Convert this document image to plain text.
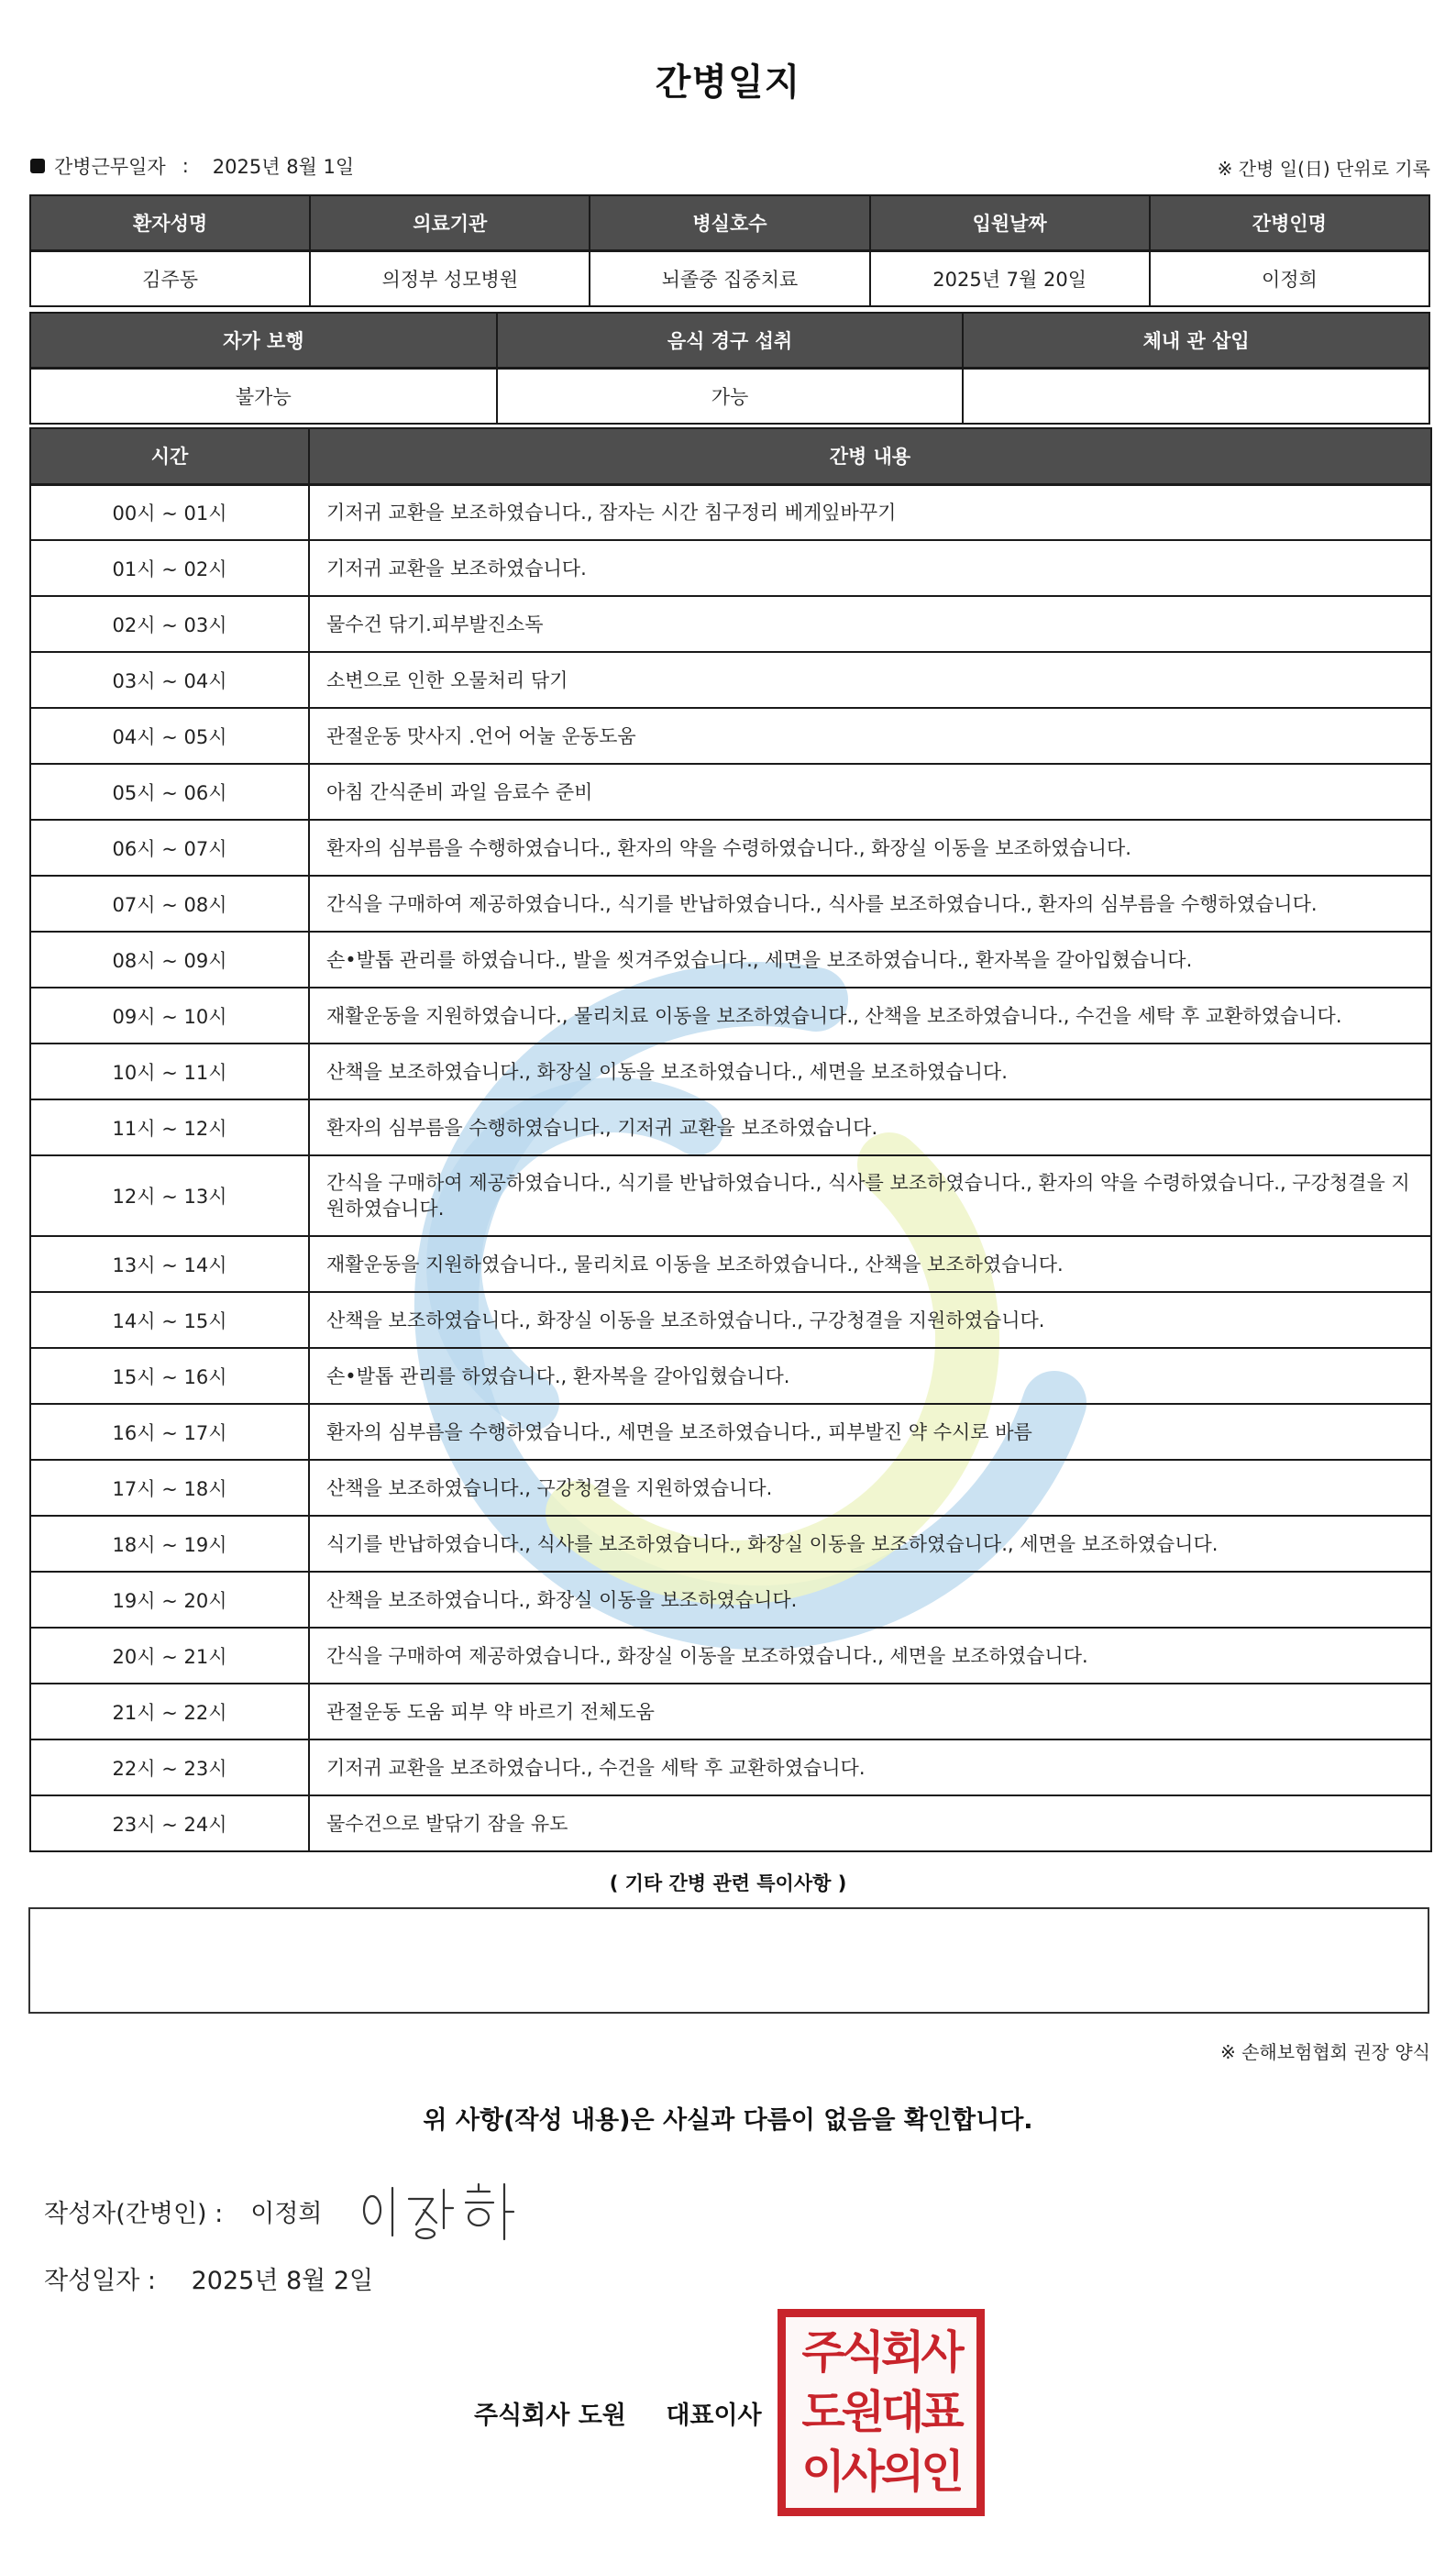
간병일지
간병근무일자 : 2025년 8월 1일	※ 간병 일(日) 단위로 기록
환자성명	의료기관	병실호수	입원날짜	간병인명
김주동	의정부 성모병원	뇌졸중 집중치료	2025년 7월 20일	이정희
자가 보행	음식 경구 섭취	체내 관 삽입
불가능	가능	
시간	간병 내용
00시 ~ 01시	기저귀 교환을 보조하였습니다., 잠자는 시간 침구정리 베게잎바꾸기
01시 ~ 02시	기저귀 교환을 보조하였습니다.
02시 ~ 03시	물수건 닦기.피부발진소독
03시 ~ 04시	소변으로 인한 오물처리 닦기
04시 ~ 05시	관절운동 맛사지 .언어 어눌 운동도움
05시 ~ 06시	아침 간식준비 과일 음료수 준비
06시 ~ 07시	환자의 심부름을 수행하였습니다., 환자의 약을 수령하였습니다., 화장실 이동을 보조하였습니다.
07시 ~ 08시	간식을 구매하여 제공하였습니다., 식기를 반납하였습니다., 식사를 보조하였습니다., 환자의 심부름을 수행하였습니다.
08시 ~ 09시	손•발톱 관리를 하였습니다., 발을 씻겨주었습니다., 세면을 보조하였습니다., 환자복을 갈아입혔습니다.
09시 ~ 10시	재활운동을 지원하였습니다., 물리치료 이동을 보조하였습니다., 산책을 보조하였습니다., 수건을 세탁 후 교환하였습니다.
10시 ~ 11시	산책을 보조하였습니다., 화장실 이동을 보조하였습니다., 세면을 보조하였습니다.
11시 ~ 12시	환자의 심부름을 수행하였습니다., 기저귀 교환을 보조하였습니다.
12시 ~ 13시	간식을 구매하여 제공하였습니다., 식기를 반납하였습니다., 식사를 보조하였습니다., 환자의 약을 수령하였습니다., 구강청결을 지원하였습니다.
13시 ~ 14시	재활운동을 지원하였습니다., 물리치료 이동을 보조하였습니다., 산책을 보조하였습니다.
14시 ~ 15시	산책을 보조하였습니다., 화장실 이동을 보조하였습니다., 구강청결을 지원하였습니다.
15시 ~ 16시	손•발톱 관리를 하였습니다., 환자복을 갈아입혔습니다.
16시 ~ 17시	환자의 심부름을 수행하였습니다., 세면을 보조하였습니다., 피부발진 약 수시로 바름
17시 ~ 18시	산책을 보조하였습니다., 구강청결을 지원하였습니다.
18시 ~ 19시	식기를 반납하였습니다., 식사를 보조하였습니다., 화장실 이동을 보조하였습니다., 세면을 보조하였습니다.
19시 ~ 20시	산책을 보조하였습니다., 화장실 이동을 보조하였습니다.
20시 ~ 21시	간식을 구매하여 제공하였습니다., 화장실 이동을 보조하였습니다., 세면을 보조하였습니다.
21시 ~ 22시	관절운동 도움 피부 약 바르기 전체도움
22시 ~ 23시	기저귀 교환을 보조하였습니다., 수건을 세탁 후 교환하였습니다.
23시 ~ 24시	물수건으로 발닦기 잠을 유도
( 기타 간병 관련 특이사항 )
※ 손해보험협회 권장 양식
위 사항(작성 내용)은 사실과 다름이 없음을 확인합니다.
작성자(간병인) : 이정희
작성일자 : 2025년 8월 2일
주식회사 도원 대표이사
주식회사
도원대표
이사의인
